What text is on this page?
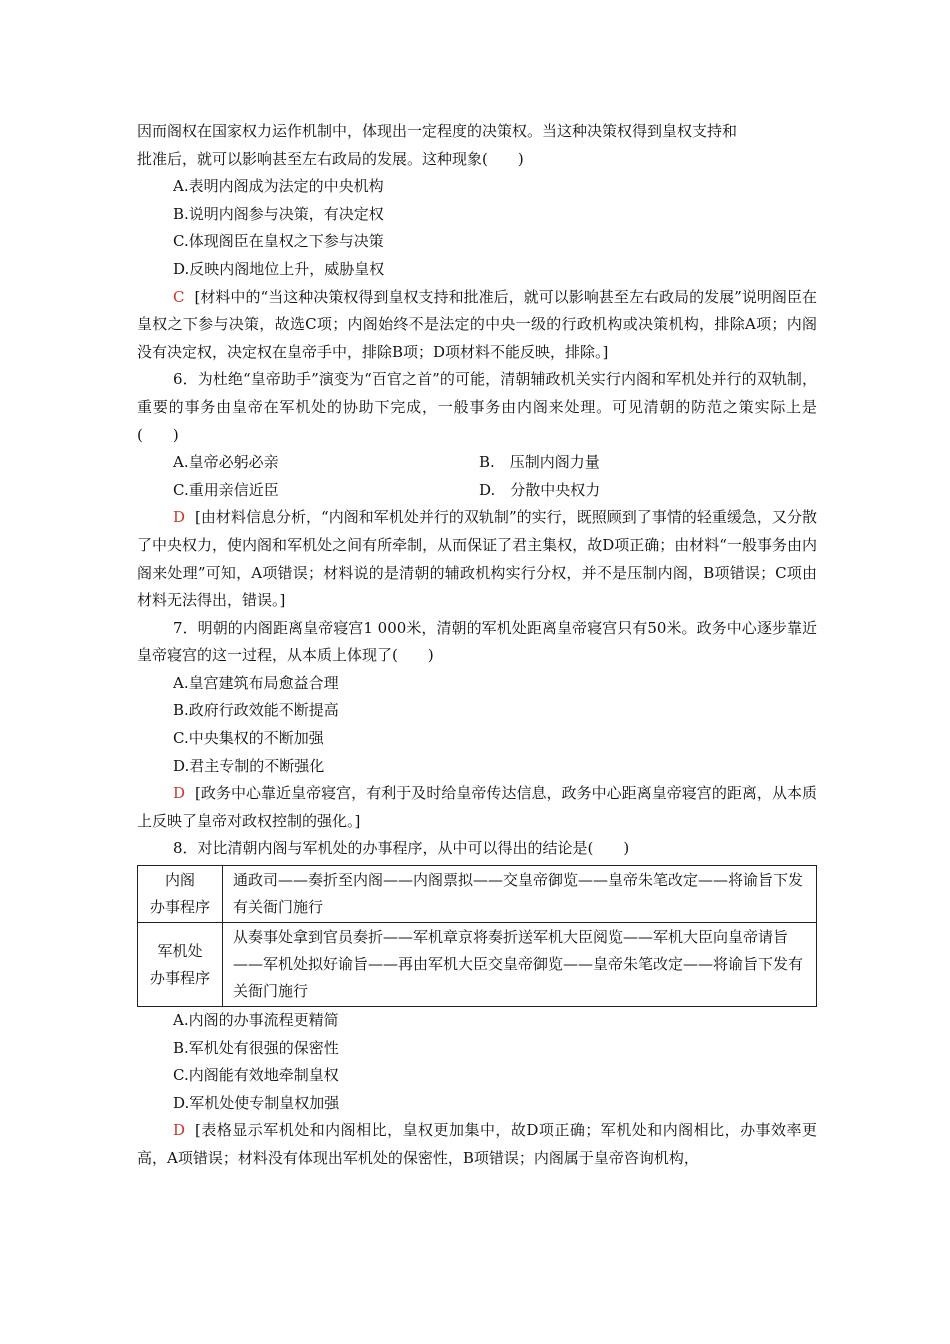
因而阁权在国家权力运作机制中，体现出一定程度的决策权。当这种决策权得到皇权支持和
批准后，就可以影响甚至左右政局的发展。这种现象(　　)
A.表明内阁成为法定的中央机构
B.说明内阁参与决策，有决定权
C.体现阁臣在皇权之下参与决策
D.反映内阁地位上升，威胁皇权
C [材料中的“当这种决策权得到皇权支持和批准后，就可以影响甚至左右政局的发展”说明阁臣在皇权之下参与决策，故选C项；内阁始终不是法定的中央一级的行政机构或决策机构，排除A项；内阁没有决定权，决定权在皇帝手中，排除B项；D项材料不能反映，排除。]
6．为杜绝“皇帝助手”演变为“百官之首”的可能，清朝辅政机关实行内阁和军机处并行的双轨制，重要的事务由皇帝在军机处的协助下完成，一般事务由内阁来处理。可见清朝的防范之策实际上是(　　)
A.皇帝必躬必亲	B.　压制内阁力量
C.重用亲信近臣	D.　分散中央权力
D [由材料信息分析，“内阁和军机处并行的双轨制”的实行，既照顾到了事情的轻重缓急，又分散了中央权力，使内阁和军机处之间有所牵制，从而保证了君主集权，故D项正确；由材料“一般事务由内阁来处理”可知，A项错误；材料说的是清朝的辅政机构实行分权，并不是压制内阁，B项错误；C项由材料无法得出，错误。]
7．明朝的内阁距离皇帝寝宫1 000米，清朝的军机处距离皇帝寝宫只有50米。政务中心逐步靠近皇帝寝宫的这一过程，从本质上体现了(　　)
A.皇宫建筑布局愈益合理
B.政府行政效能不断提高
C.中央集权的不断加强
D.君主专制的不断强化
D [政务中心靠近皇帝寝宫，有利于及时给皇帝传达信息，政务中心距离皇帝寝宫的距离，从本质上反映了皇帝对政权控制的强化。]
8．对比清朝内阁与军机处的办事程序，从中可以得出的结论是(　　)
内阁
办事程序	通政司——奏折至内阁——内阁票拟——交皇帝御览——皇帝朱笔改定——将谕旨下发有关衙门施行

军机处
办事程序	从奏事处拿到官员奏折——军机章京将奏折送军机大臣阅览——军机大臣向皇帝请旨——军机处拟好谕旨——再由军机大臣交皇帝御览——皇帝朱笔改定——将谕旨下发有关衙门施行
A.内阁的办事流程更精简
B.军机处有很强的保密性
C.内阁能有效地牵制皇权
D.军机处使专制皇权加强
D [表格显示军机处和内阁相比，皇权更加集中，故D项正确；军机处和内阁相比，办事效率更高，A项错误；材料没有体现出军机处的保密性，B项错误；内阁属于皇帝咨询机构，
